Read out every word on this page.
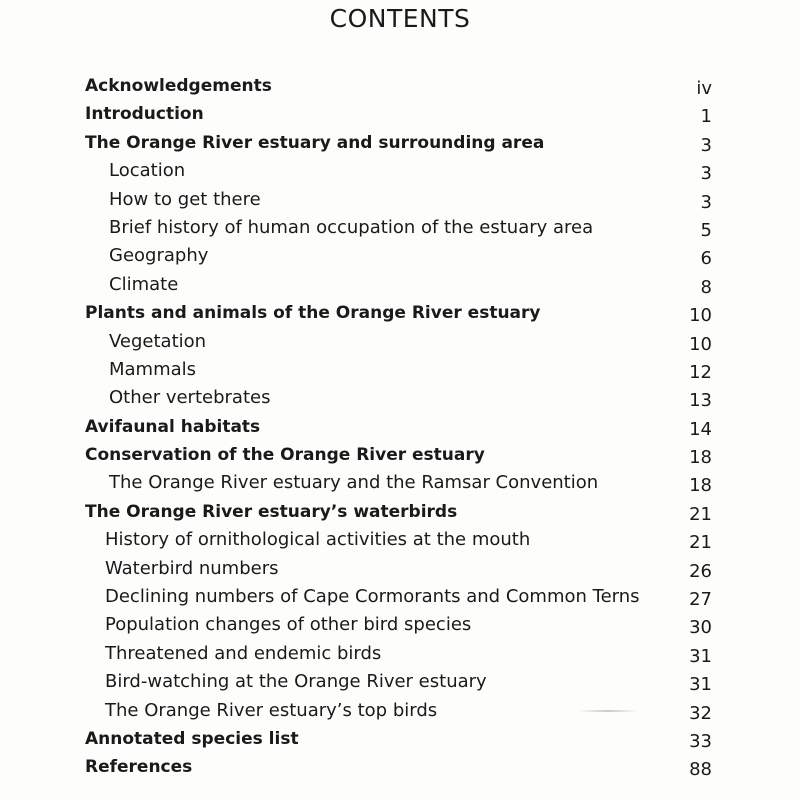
CONTENTS
Acknowledgements	iv
Introduction	1
The Orange River estuary and surrounding area	3
Location	3
How to get there	3
Brief history of human occupation of the estuary area	5
Geography	6
Climate	8
Plants and animals of the Orange River estuary	10
Vegetation	10
Mammals	12
Other vertebrates	13
Avifaunal habitats	14
Conservation of the Orange River estuary	18
The Orange River estuary and the Ramsar Convention	18
The Orange River estuary’s waterbirds	21
History of ornithological activities at the mouth	21
Waterbird numbers	26
Declining numbers of Cape Cormorants and Common Terns	27
Population changes of other bird species	30
Threatened and endemic birds	31
Bird-watching at the Orange River estuary	31
The Orange River estuary’s top birds	32
Annotated species list	33
References	88
